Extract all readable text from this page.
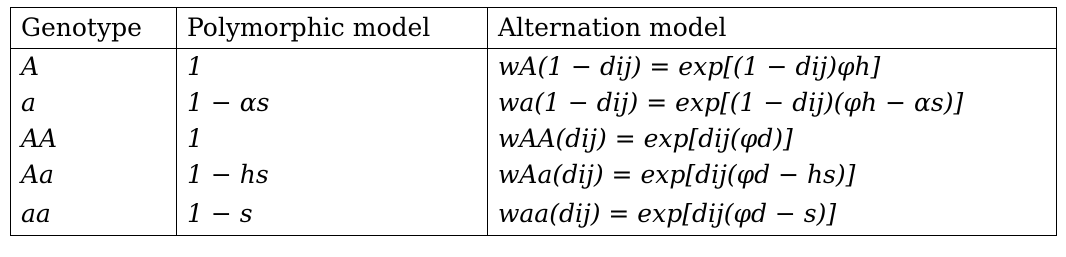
Genotype	Polymorphic model	Alternation model
A	1	wA(1 − dij) = exp[(1 − dij)φh]
a	1 − αs	wa(1 − dij) = exp[(1 − dij)(φh − αs)]
AA	1	wAA(dij) = exp[dij(φd)]
Aa	1 − hs	wAa(dij) = exp[dij(φd − hs)]
aa	1 − s	waa(dij) = exp[dij(φd − s)]
